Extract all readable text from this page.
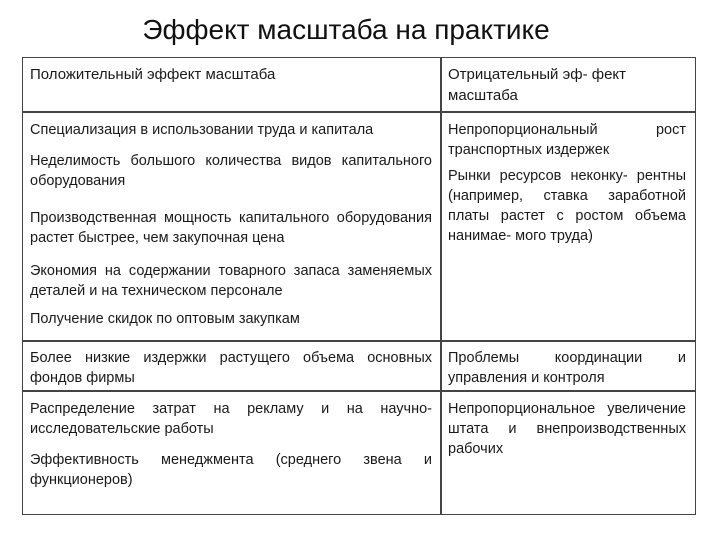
Эффект масштаба на практике

Положительный эффект масштаба	Отрицательный эф- фект масштаба

Специализация в использовании труда и капитала

Неделимость большого количества видов капитального оборудования

Производственная мощность капитального оборудования растет быстрее, чем закупочная цена

Экономия на содержании товарного запаса заменяемых деталей и на техническом персонале

Получение скидок по оптовым закупкам

Непропорциональный рост транспортных издержек

Рынки ресурсов неконку- рентны (например, ставка заработной платы растет с ростом объема нанимае- мого труда)

Более низкие издержки растущего объема основных фондов фирмы

Проблемы координации и управления и контроля

Распределение затрат на рекламу и на научно-исследовательские работы

Эффективность менеджмента (среднего звена и функционеров)

Непропорциональное увеличение штата и внепроизводственных рабочих
